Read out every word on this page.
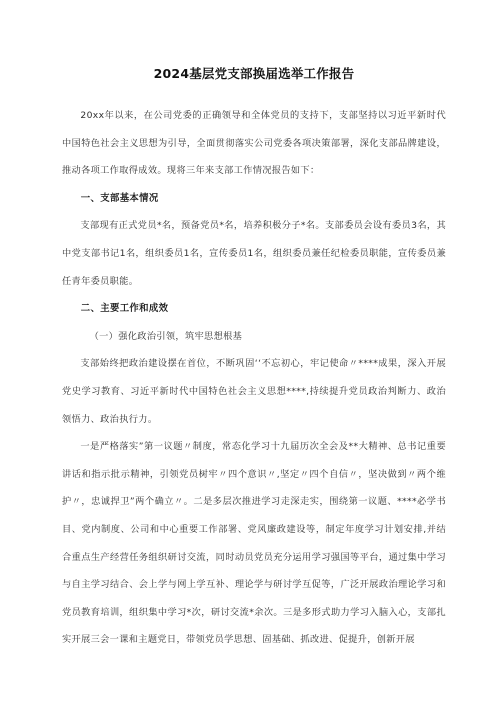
2024基层党支部换届选举工作报告

20xx年以来，在公司党委的正确领导和全体党员的支持下，支部坚持以习近平新时代中国特色社会主义思想为引导，全面贯彻落实公司党委各项决策部署，深化支部品牌建设，推动各项工作取得成效。现将三年来支部工作情况报告如下：

一、支部基本情况

支部现有正式党员*名，预备党员*名，培养积极分子*名。支部委员会设有委员3名，其中党支部书记1名，组织委员1名，宣传委员1名，组织委员兼任纪检委员职能，宣传委员兼任青年委员职能。

二、主要工作和成效

（一）强化政治引领，筑牢思想根基

支部始终把政治建设摆在首位，不断巩固‘‘不忘初心，牢记使命〃****成果，深入开展党史学习教育、习近平新时代中国特色社会主义思想****,持续提升党员政治判断力、政治领悟力、政治执行力。

一是严格落实”第一议题〃制度，常态化学习十九届历次全会及**大精神、总书记重要讲话和指示批示精神，引领党员树牢〃四个意识〃,坚定〃四个自信〃，坚决做到〃两个维护〃，忠诚捍卫”两个确立〃。二是多层次推进学习走深走实，围绕第一议题、****必学书目、党内制度、公司和中心重要工作部署、党风廉政建设等，制定年度学习计划安排,并结合重点生产经营任务组织研讨交流，同时动员党员充分运用学习强国等平台，通过集中学习与自主学习结合、会上学与网上学互补、理论学与研讨学互促等，广泛开展政治理论学习和党员教育培训，组织集中学习*次，研讨交流*余次。三是多形式助力学习入脑入心，支部扎实开展三会一课和主题党日，带领党员学思想、固基础、抓改进、促提升，创新开展
